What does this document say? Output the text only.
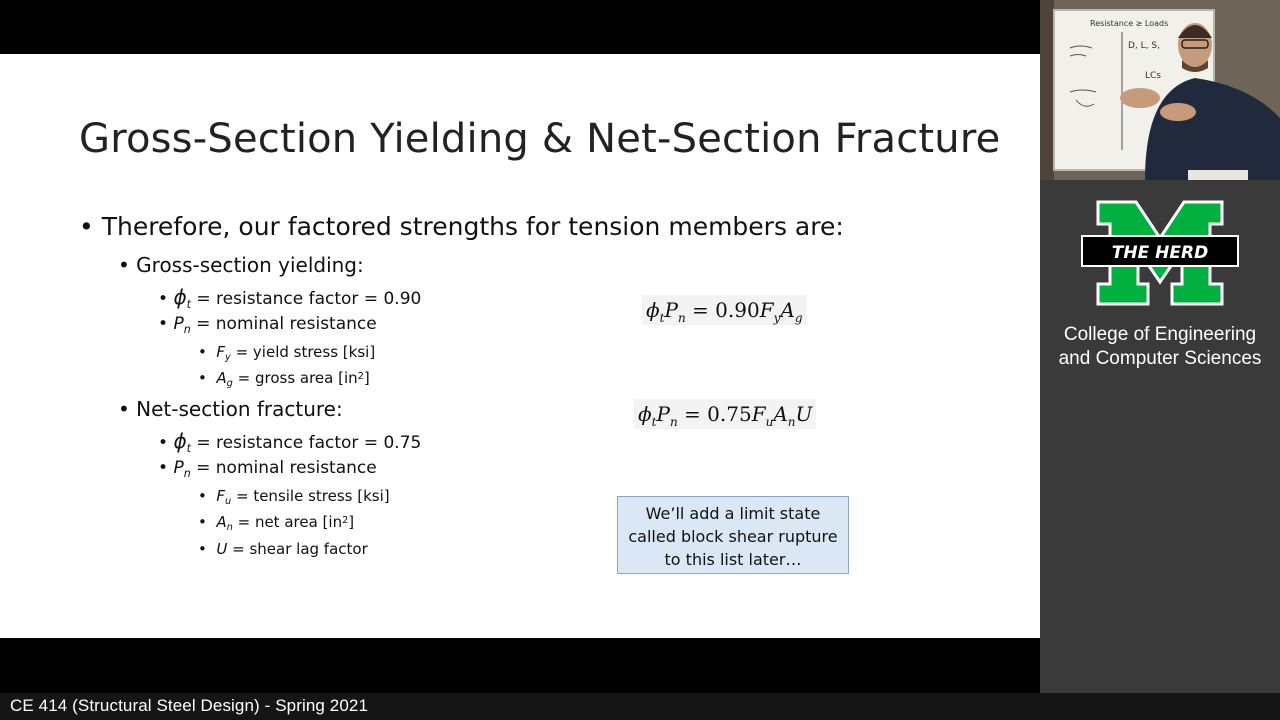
Gross-Section Yielding & Net-Section Fracture
• Therefore, our factored strengths for tension members are:
• Gross-section yielding:
• $\phi_t$ = resistance factor = 0.90
• $P_n$ = nominal resistance
•  $F_y$ = yield stress [ksi]
•  $A_g$ = gross area $[in^2]$
• Net-section fracture:
• $\phi_t$ = resistance factor = 0.75
• $P_n$ = nominal resistance
•  $F_u$ = tensile stress [ksi]
•  $A_n$ = net area $[in^2]$
•  U = shear lag factor
$\phi_tP_n = 0.90F_yA_g$
$\phi_tP_n = 0.75F_uA_nU$
We’ll add a limit state
called block shear rupture
to this list later…
Resistance ≥ Loads
D, L, S,
LCs
THE HERD
College of Engineering
and Computer Sciences
CE 414 (Structural Steel Design) - Spring 2021
